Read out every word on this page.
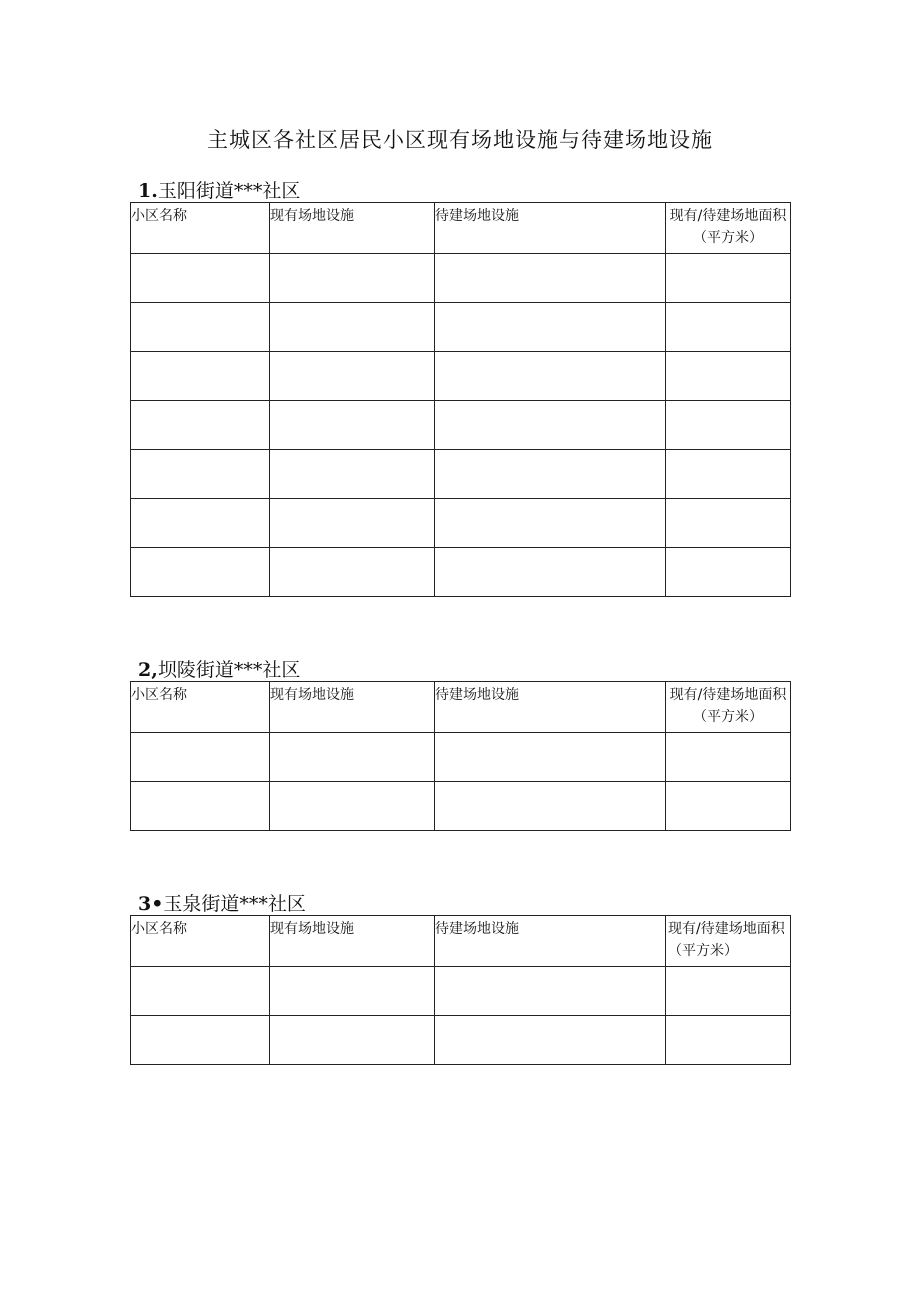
主城区各社区居民小区现有场地设施与待建场地设施

1.玉阳街道***社区

小区名称	现有场地设施	待建场地设施	现有/待建场地面积（平方米）

2,坝陵街道***社区

小区名称	现有场地设施	待建场地设施	现有/待建场地面积（平方米）

3•玉泉街道***社区

小区名称	现有场地设施	待建场地设施	现有/待建场地面积（平方米）
